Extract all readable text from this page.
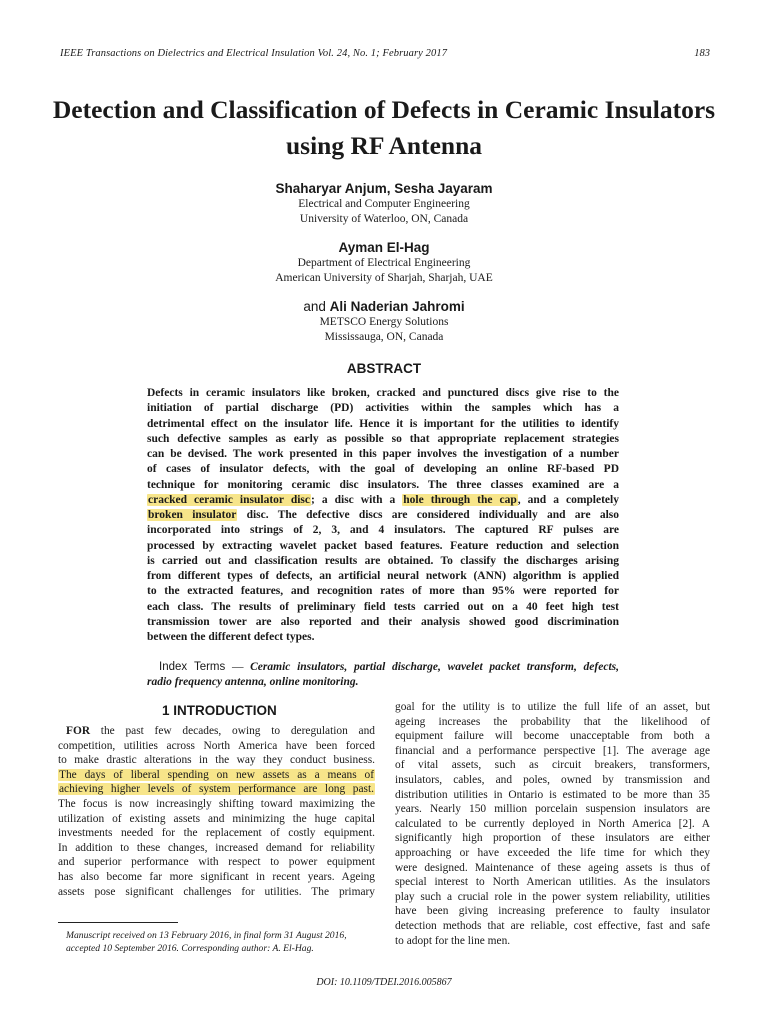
IEEE Transactions on Dielectrics and Electrical Insulation Vol. 24, No. 1; February 2017	183
Detection and Classification of Defects in Ceramic Insulators
using RF Antenna
Shaharyar Anjum, Sesha Jayaram
Electrical and Computer Engineering
University of Waterloo, ON, Canada
Ayman El-Hag
Department of Electrical Engineering
American University of Sharjah, Sharjah, UAE
and Ali Naderian Jahromi
METSCO Energy Solutions
Mississauga, ON, Canada
ABSTRACT
Defects in ceramic insulators like broken, cracked and punctured discs give rise to the
initiation of partial discharge (PD) activities within the samples which has a
detrimental effect on the insulator life. Hence it is important for the utilities to identify
such defective samples as early as possible so that appropriate replacement strategies
can be devised. The work presented in this paper involves the investigation of a number
of cases of insulator defects, with the goal of developing an online RF-based PD
technique for monitoring ceramic disc insulators. The three classes examined are a
cracked ceramic insulator disc; a disc with a hole through the cap, and a completely
broken insulator disc. The defective discs are considered individually and are also
incorporated into strings of 2, 3, and 4 insulators. The captured RF pulses are
processed by extracting wavelet packet based features. Feature reduction and selection
is carried out and classification results are obtained. To classify the discharges arising
from different types of defects, an artificial neural network (ANN) algorithm is applied
to the extracted features, and recognition rates of more than 95% were reported for
each class. The results of preliminary field tests carried out on a 40 feet high test
transmission tower are also reported and their analysis showed good discrimination
between the different defect types.
Index Terms — Ceramic insulators, partial discharge, wavelet packet transform, defects,
radio frequency antenna, online monitoring.
1 INTRODUCTION
FOR the past few decades, owing to deregulation and
competition, utilities across North America have been forced
to make drastic alterations in the way they conduct business.
The days of liberal spending on new assets as a means of
achieving higher levels of system performance are long past.
The focus is now increasingly shifting toward maximizing the
utilization of existing assets and minimizing the huge capital
investments needed for the replacement of costly equipment.
In addition to these changes, increased demand for reliability
and superior performance with respect to power equipment
has also become far more significant in recent years. Ageing
assets pose significant challenges for utilities. The primary
goal for the utility is to utilize the full life of an asset, but
ageing increases the probability that the likelihood of
equipment failure will become unacceptable from both a
financial and a performance perspective [1]. The average age
of vital assets, such as circuit breakers, transformers,
insulators, cables, and poles, owned by transmission and
distribution utilities in Ontario is estimated to be more than 35
years. Nearly 150 million porcelain suspension insulators are
calculated to be currently deployed in North America [2]. A
significantly high proportion of these insulators are either
approaching or have exceeded the life time for which they
were designed. Maintenance of these ageing assets is thus of
special interest to North American utilities. As the insulators
play such a crucial role in the power system reliability, utilities
have been giving increasing preference to faulty insulator
detection methods that are reliable, cost effective, fast and safe
to adopt for the line men.
Manuscript received on 13 February 2016, in final form 31 August 2016,
accepted 10 September 2016. Corresponding author: A. El-Hag.
DOI: 10.1109/TDEI.2016.005867
